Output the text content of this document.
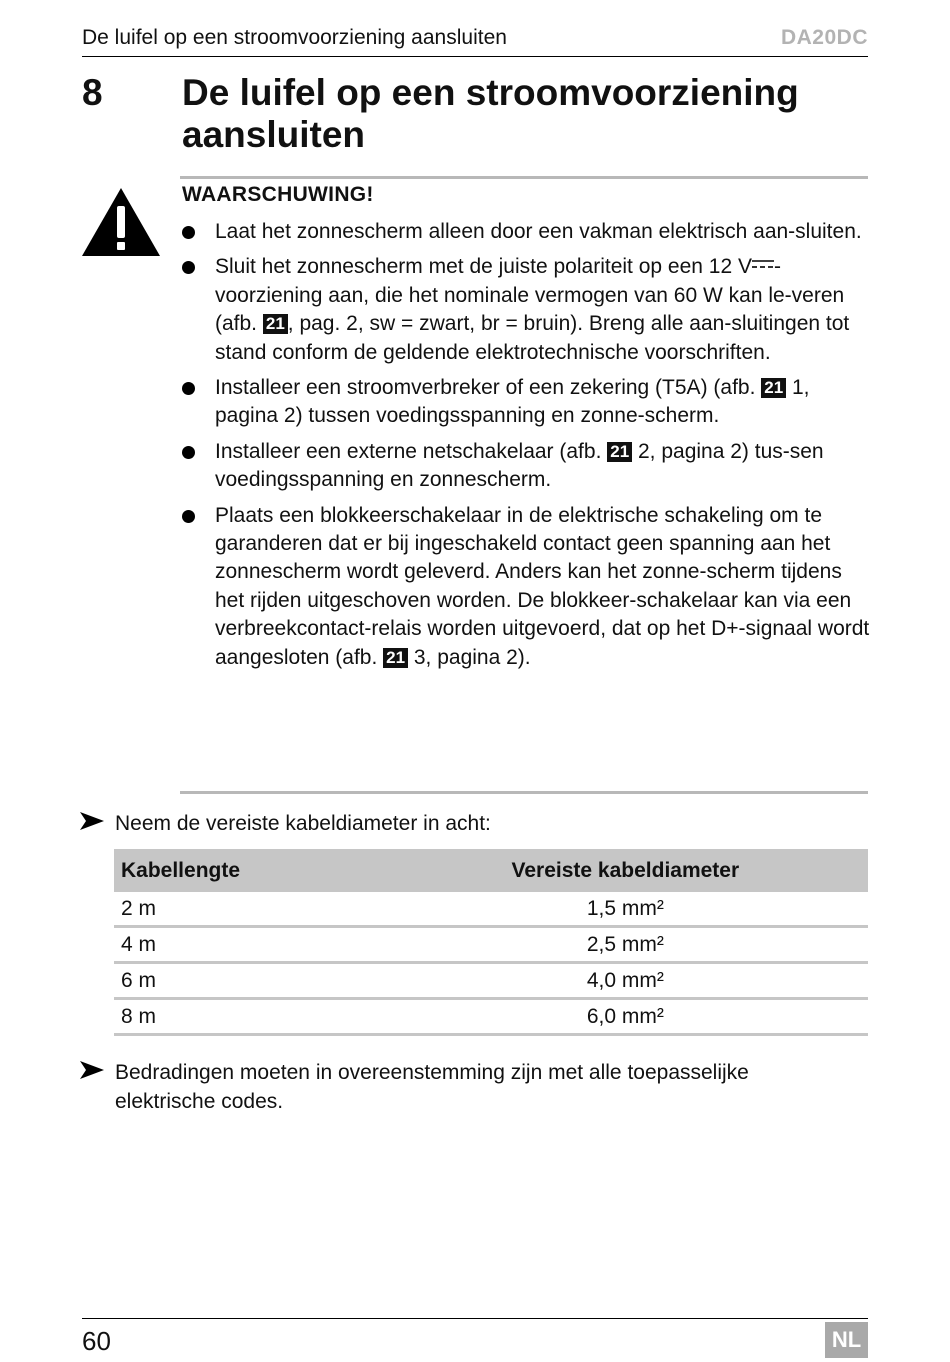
De luifel op een stroomvoorziening aansluiten	DA20DC
8 De luifel op een stroomvoorziening aansluiten
WAARSCHUWING!
Laat het zonnescherm alleen door een vakman elektrisch aan-sluiten.
Sluit het zonnescherm met de juiste polariteit op een 12 V -voorziening aan, die het nominale vermogen van 60 W kan le-veren (afb. 21 , pag. 2, sw = zwart, br = bruin). Breng alle aan-sluitingen tot stand conform de geldende elektrotechnische voorschriften.
Installeer een stroomverbreker of een zekering (T5A) (afb. 21 1, pagina 2) tussen voedingsspanning en zonne-scherm.
Installeer een externe netschakelaar (afb. 21 2, pagina 2) tus-sen voedingsspanning en zonnescherm.
Plaats een blokkeerschakelaar in de elektrische schakeling om te garanderen dat er bij ingeschakeld contact geen spanning aan het zonnescherm wordt geleverd. Anders kan het zonne-scherm tijdens het rijden uitgeschoven worden. De blokkeer-schakelaar kan via een verbreekcontact-relais worden uitgevoerd, dat op het D+-signaal wordt aangesloten (afb. 21 3, pagina 2).
Neem de vereiste kabeldiameter in acht:
Kabellengte	Vereiste kabeldiameter
2 m	1,5 mm²
4 m	2,5 mm²
6 m	4,0 mm²
8 m	6,0 mm²
Bedradingen moeten in overeenstemming zijn met alle toepasselijke elektrische codes.
60	NL
